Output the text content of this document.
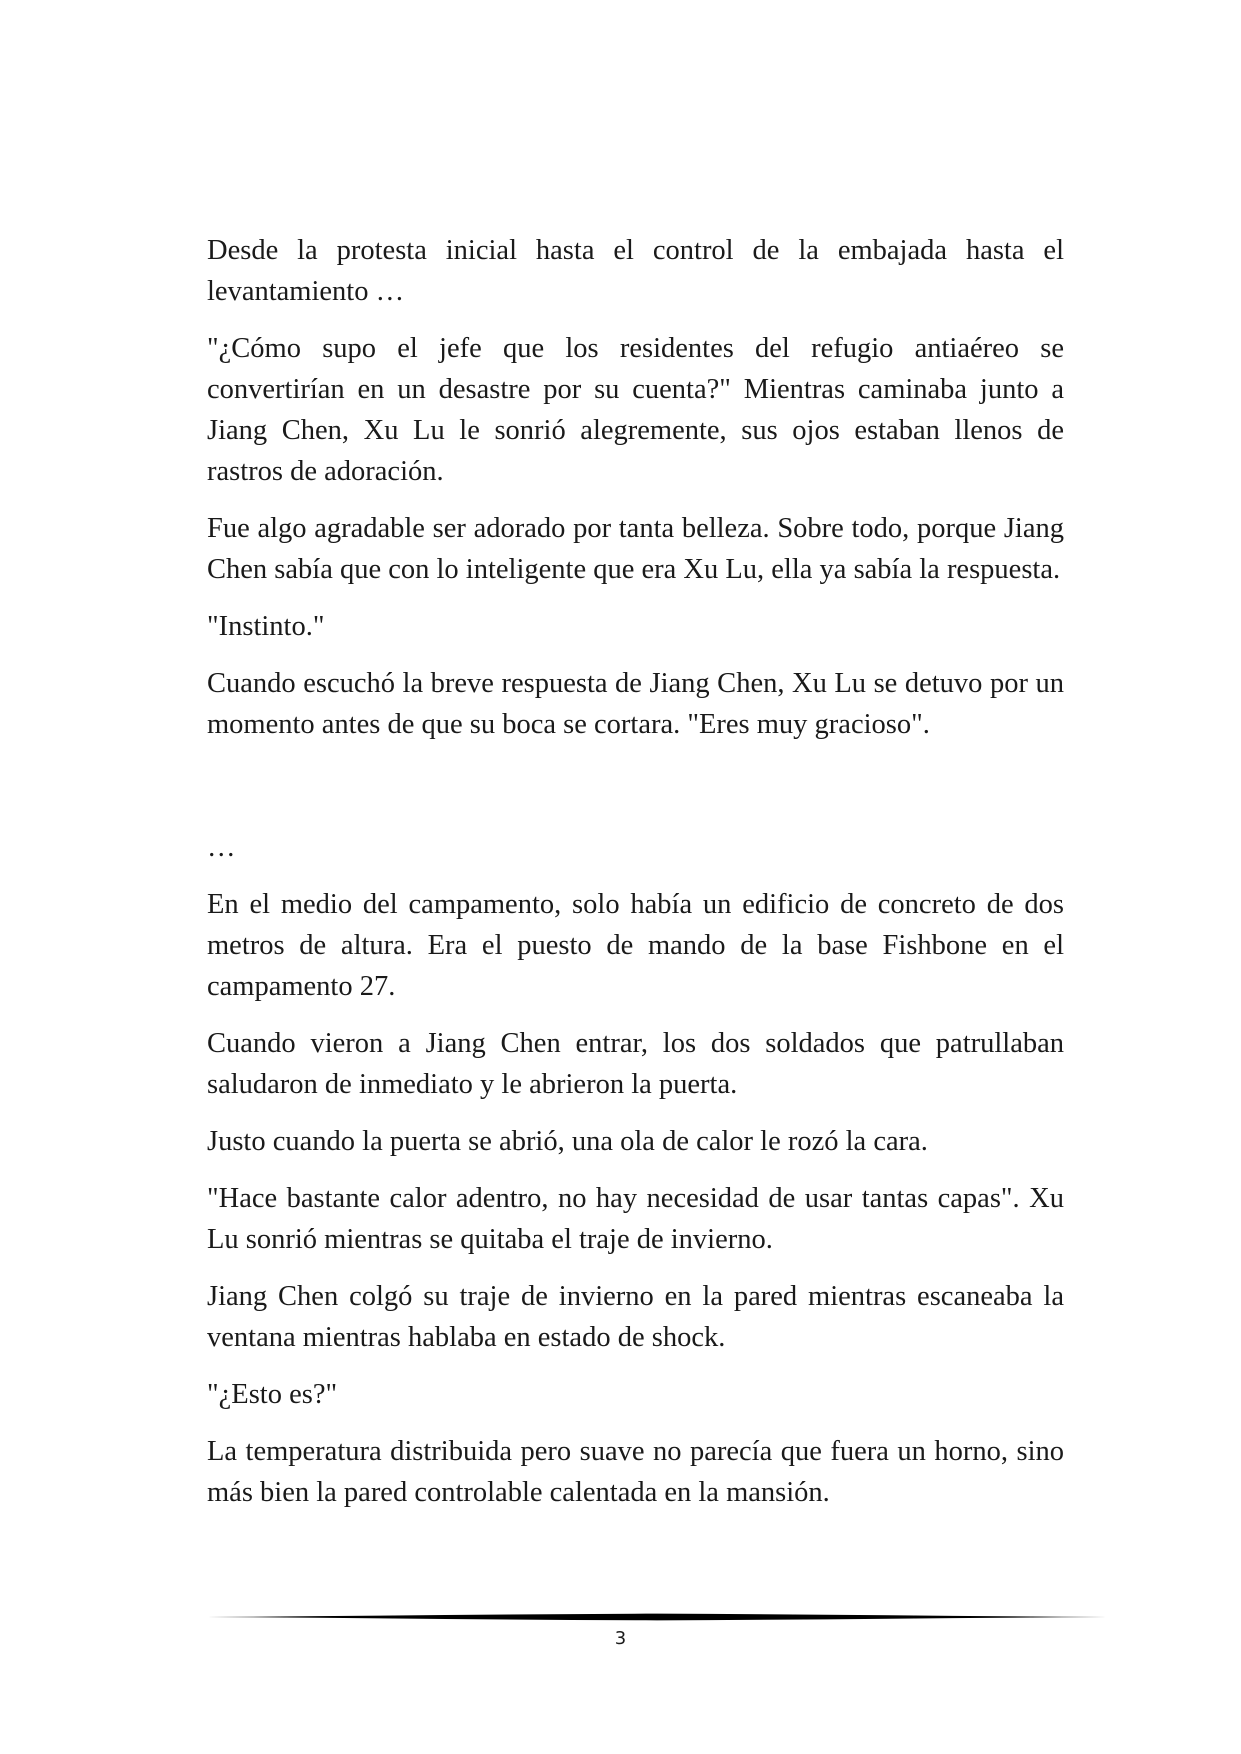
Desde la protesta inicial hasta el control de la embajada hasta el levantamiento …

"¿Cómo supo el jefe que los residentes del refugio antiaéreo se convertirían en un desastre por su cuenta?" Mientras caminaba junto a Jiang Chen, Xu Lu le sonrió alegremente, sus ojos estaban llenos de rastros de adoración.

Fue algo agradable ser adorado por tanta belleza. Sobre todo, porque Jiang Chen sabía que con lo inteligente que era Xu Lu, ella ya sabía la respuesta.

"Instinto."

Cuando escuchó la breve respuesta de Jiang Chen, Xu Lu se detuvo por un momento antes de que su boca se cortara. "Eres muy gracioso".

…

En el medio del campamento, solo había un edificio de concreto de dos metros de altura. Era el puesto de mando de la base Fishbone en el campamento 27.

Cuando vieron a Jiang Chen entrar, los dos soldados que patrullaban saludaron de inmediato y le abrieron la puerta.

Justo cuando la puerta se abrió, una ola de calor le rozó la cara.

"Hace bastante calor adentro, no hay necesidad de usar tantas capas". Xu Lu sonrió mientras se quitaba el traje de invierno.

Jiang Chen colgó su traje de invierno en la pared mientras escaneaba la ventana mientras hablaba en estado de shock.

"¿Esto es?"

La temperatura distribuida pero suave no parecía que fuera un horno, sino más bien la pared controlable calentada en la mansión.

3
